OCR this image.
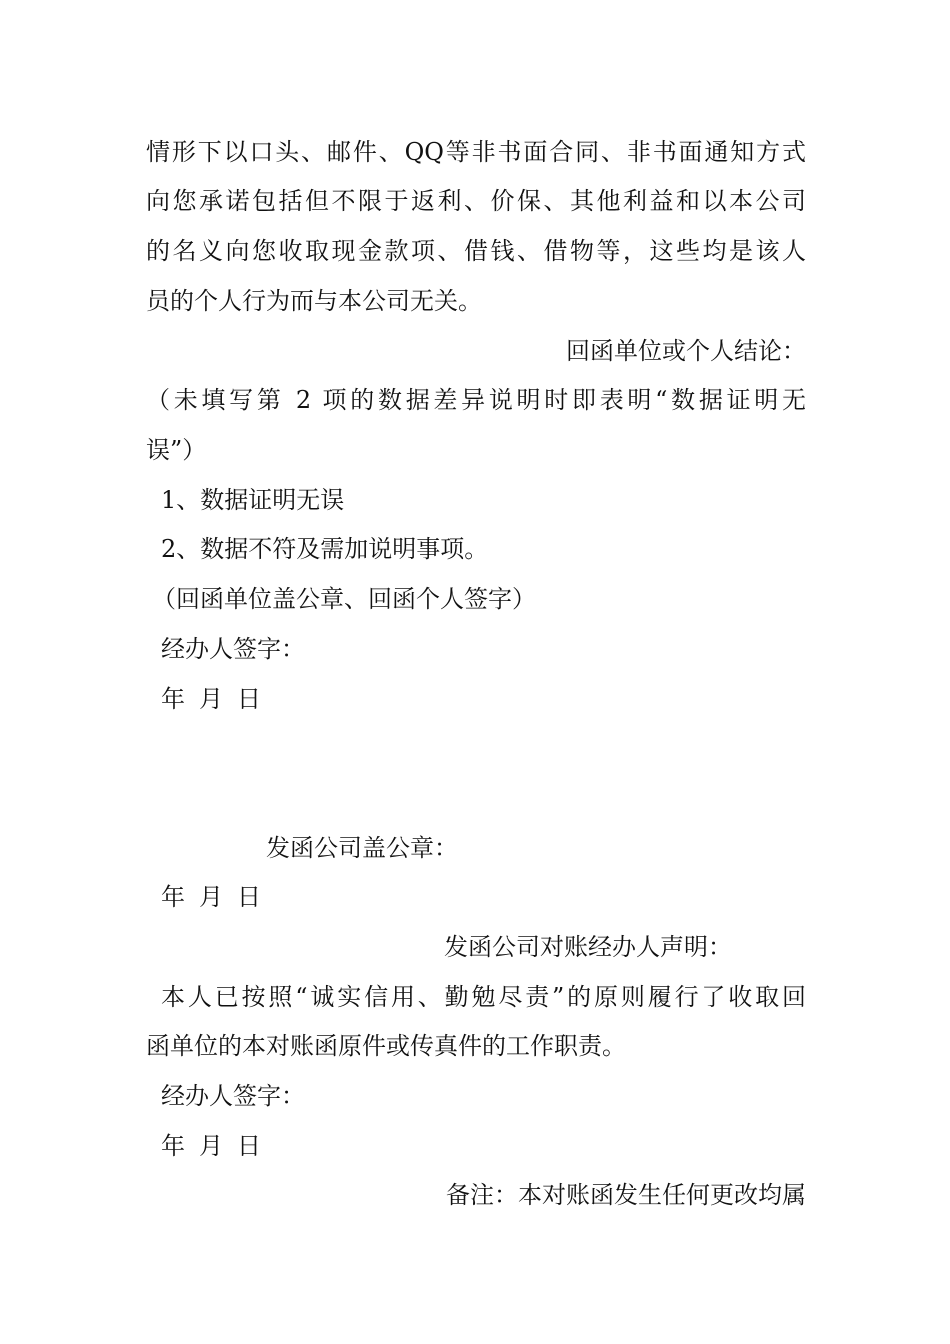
情形下以口头、邮件、QQ等非书面合同、非书面通知方式
向您承诺包括但不限于返利、价保、其他利益和以本公司
的名义向您收取现金款项、借钱、借物等，这些均是该人
员的个人行为而与本公司无关。
回函单位或个人结论：
（未填写第 2 项的数据差异说明时即表明“数据证明无
误”）
1、数据证明无误
2、数据不符及需加说明事项。
（回函单位盖公章、回函个人签字）
经办人签字：
年 月 日
发函公司盖公章：
年 月 日
发函公司对账经办人声明：
本人已按照“诚实信用、勤勉尽责”的原则履行了收取回
函单位的本对账函原件或传真件的工作职责。
经办人签字：
年 月 日
备注：本对账函发生任何更改均属
